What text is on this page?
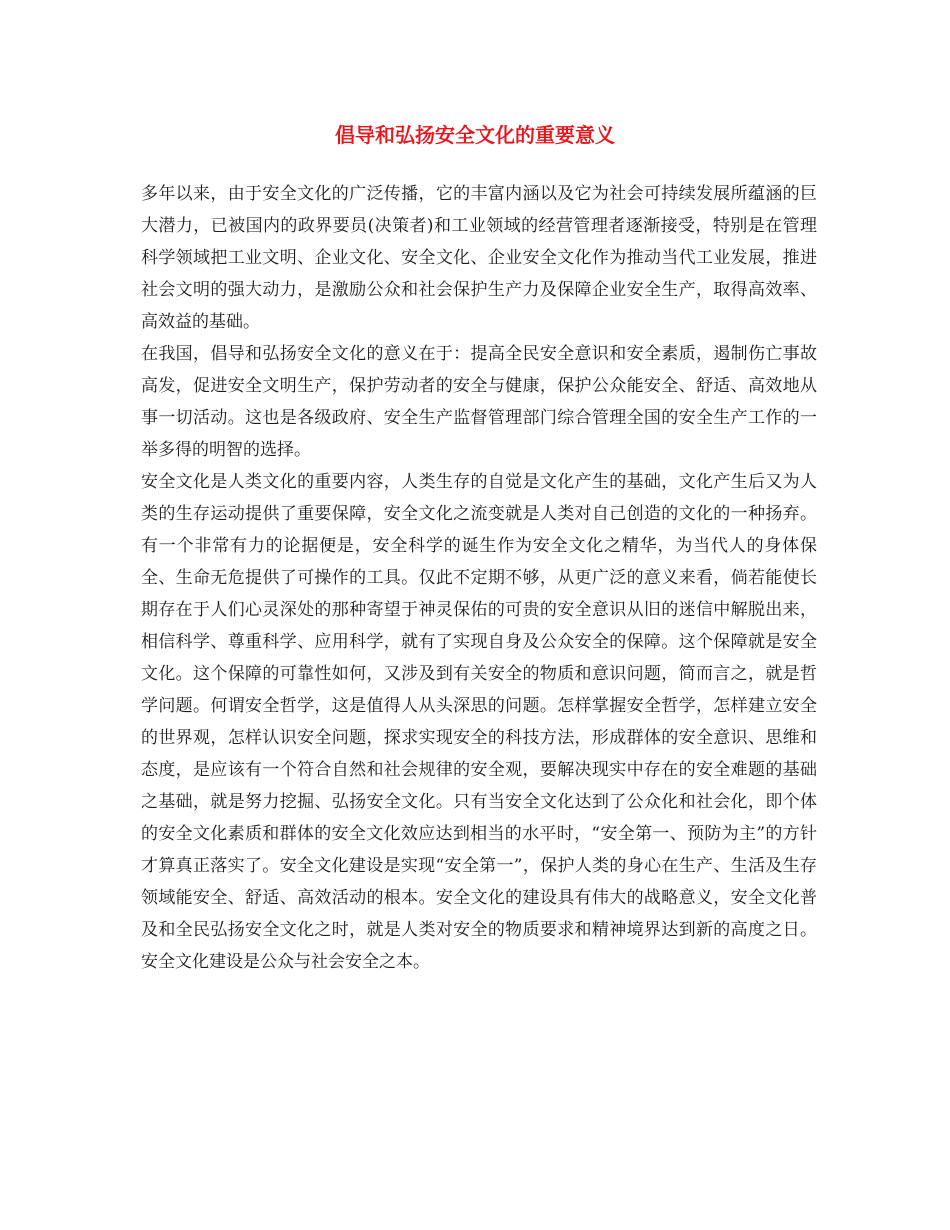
倡导和弘扬安全文化的重要意义

多年以来，由于安全文化的广泛传播，它的丰富内涵以及它为社会可持续发展所蕴涵的巨大潜力，已被国内的政界要员(决策者)和工业领域的经营管理者逐渐接受，特别是在管理科学领域把工业文明、企业文化、安全文化、企业安全文化作为推动当代工业发展，推进社会文明的强大动力，是激励公众和社会保护生产力及保障企业安全生产，取得高效率、高效益的基础。

在我国，倡导和弘扬安全文化的意义在于：提高全民安全意识和安全素质，遏制伤亡事故高发，促进安全文明生产，保护劳动者的安全与健康，保护公众能安全、舒适、高效地从事一切活动。这也是各级政府、安全生产监督管理部门综合管理全国的安全生产工作的一举多得的明智的选择。

安全文化是人类文化的重要内容，人类生存的自觉是文化产生的基础，文化产生后又为人类的生存运动提供了重要保障，安全文化之流变就是人类对自己创造的文化的一种扬弃。有一个非常有力的论据便是，安全科学的诞生作为安全文化之精华，为当代人的身体保全、生命无危提供了可操作的工具。仅此不定期不够，从更广泛的意义来看，倘若能使长期存在于人们心灵深处的那种寄望于神灵保佑的可贵的安全意识从旧的迷信中解脱出来，相信科学、尊重科学、应用科学，就有了实现自身及公众安全的保障。这个保障就是安全文化。这个保障的可靠性如何，又涉及到有关安全的物质和意识问题，简而言之，就是哲学问题。何谓安全哲学，这是值得人从头深思的问题。怎样掌握安全哲学，怎样建立安全的世界观，怎样认识安全问题，探求实现安全的科技方法，形成群体的安全意识、思维和态度，是应该有一个符合自然和社会规律的安全观，要解决现实中存在的安全难题的基础之基础，就是努力挖掘、弘扬安全文化。只有当安全文化达到了公众化和社会化，即个体的安全文化素质和群体的安全文化效应达到相当的水平时，“安全第一、预防为主”的方针才算真正落实了。安全文化建设是实现“安全第一”，保护人类的身心在生产、生活及生存领域能安全、舒适、高效活动的根本。安全文化的建设具有伟大的战略意义，安全文化普及和全民弘扬安全文化之时，就是人类对安全的物质要求和精神境界达到新的高度之日。安全文化建设是公众与社会安全之本。
